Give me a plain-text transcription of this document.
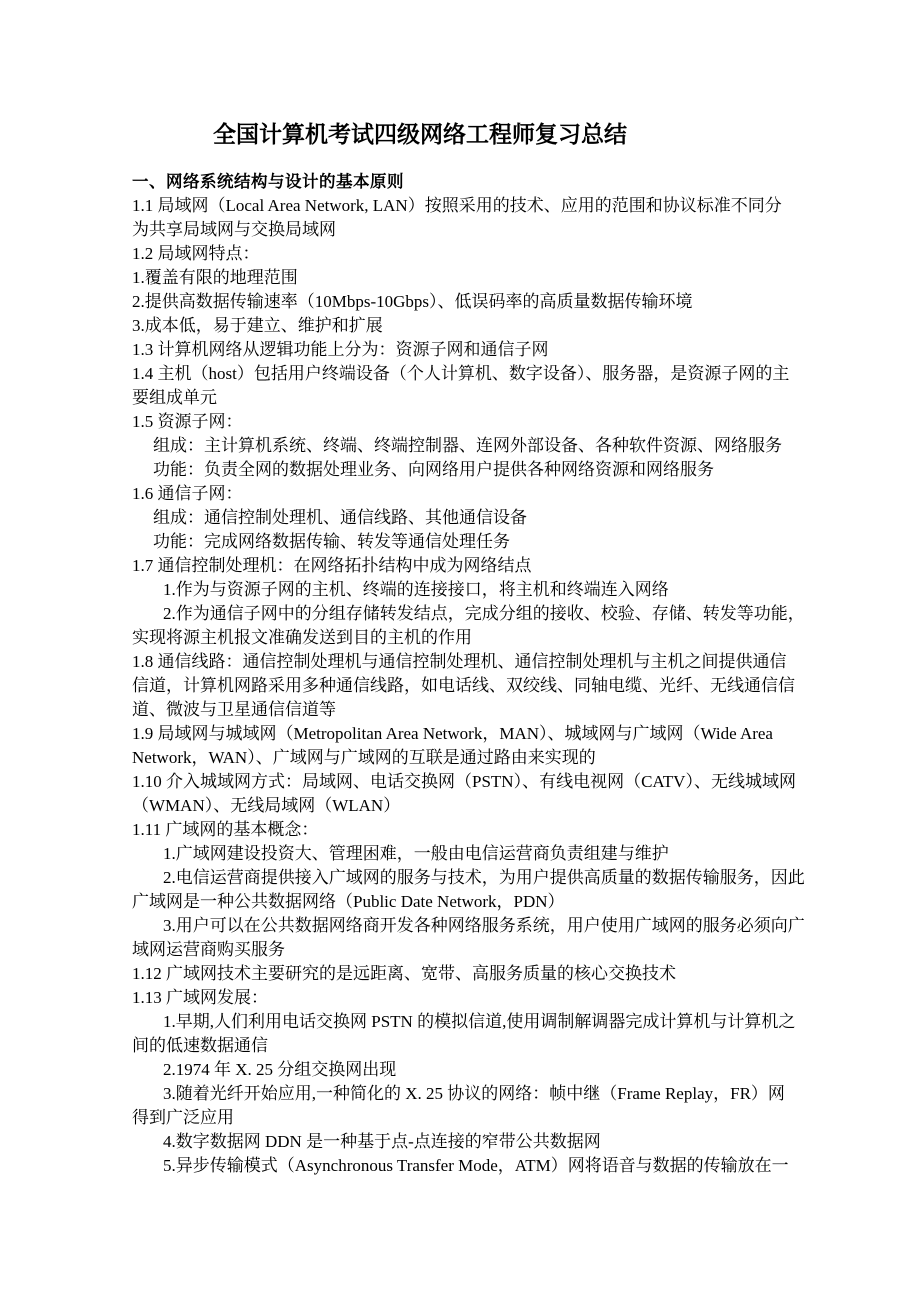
全国计算机考试四级网络工程师复习总结
一、网络系统结构与设计的基本原则

1.1 局域网（Local Area Network, LAN）按照采用的技术、应用的范围和协议标准不同分

为共享局域网与交换局域网

1.2 局域网特点：

1.覆盖有限的地理范围

2.提供高数据传输速率（10Mbps-10Gbps）、低误码率的高质量数据传输环境

3.成本低，易于建立、维护和扩展

1.3 计算机网络从逻辑功能上分为：资源子网和通信子网

1.4 主机（host）包括用户终端设备（个人计算机、数字设备）、服务器，是资源子网的主

要组成单元

1.5 资源子网：

组成：主计算机系统、终端、终端控制器、连网外部设备、各种软件资源、网络服务

功能：负责全网的数据处理业务、向网络用户提供各种网络资源和网络服务

1.6 通信子网：

组成：通信控制处理机、通信线路、其他通信设备

功能：完成网络数据传输、转发等通信处理任务

1.7 通信控制处理机：在网络拓扑结构中成为网络结点

1.作为与资源子网的主机、终端的连接接口，将主机和终端连入网络

2.作为通信子网中的分组存储转发结点，完成分组的接收、校验、存储、转发等功能，

实现将源主机报文准确发送到目的主机的作用

1.8 通信线路：通信控制处理机与通信控制处理机、通信控制处理机与主机之间提供通信

信道，计算机网路采用多种通信线路，如电话线、双绞线、同轴电缆、光纤、无线通信信

道、微波与卫星通信信道等

1.9 局域网与城域网（Metropolitan Area Network，MAN）、城域网与广域网（Wide Area

Network，WAN）、广域网与广域网的互联是通过路由来实现的

1.10 介入城域网方式：局域网、电话交换网（PSTN）、有线电视网（CATV）、无线城域网

（WMAN）、无线局域网（WLAN）

1.11 广域网的基本概念：

1.广域网建设投资大、管理困难，一般由电信运营商负责组建与维护

2.电信运营商提供接入广域网的服务与技术，为用户提供高质量的数据传输服务，因此

广域网是一种公共数据网络（Public Date Network，PDN）

3.用户可以在公共数据网络商开发各种网络服务系统，用户使用广域网的服务必须向广

域网运营商购买服务

1.12 广域网技术主要研究的是远距离、宽带、高服务质量的核心交换技术

1.13 广域网发展：

1.早期,人们利用电话交换网 PSTN 的模拟信道,使用调制解调器完成计算机与计算机之

间的低速数据通信

2.1974 年 X. 25 分组交换网出现

3.随着光纤开始应用,一种简化的 X. 25 协议的网络：帧中继（Frame Replay，FR）网

得到广泛应用

4.数字数据网 DDN 是一种基于点-点连接的窄带公共数据网

5.异步传输模式（Asynchronous Transfer Mode，ATM）网将语音与数据的传输放在一
